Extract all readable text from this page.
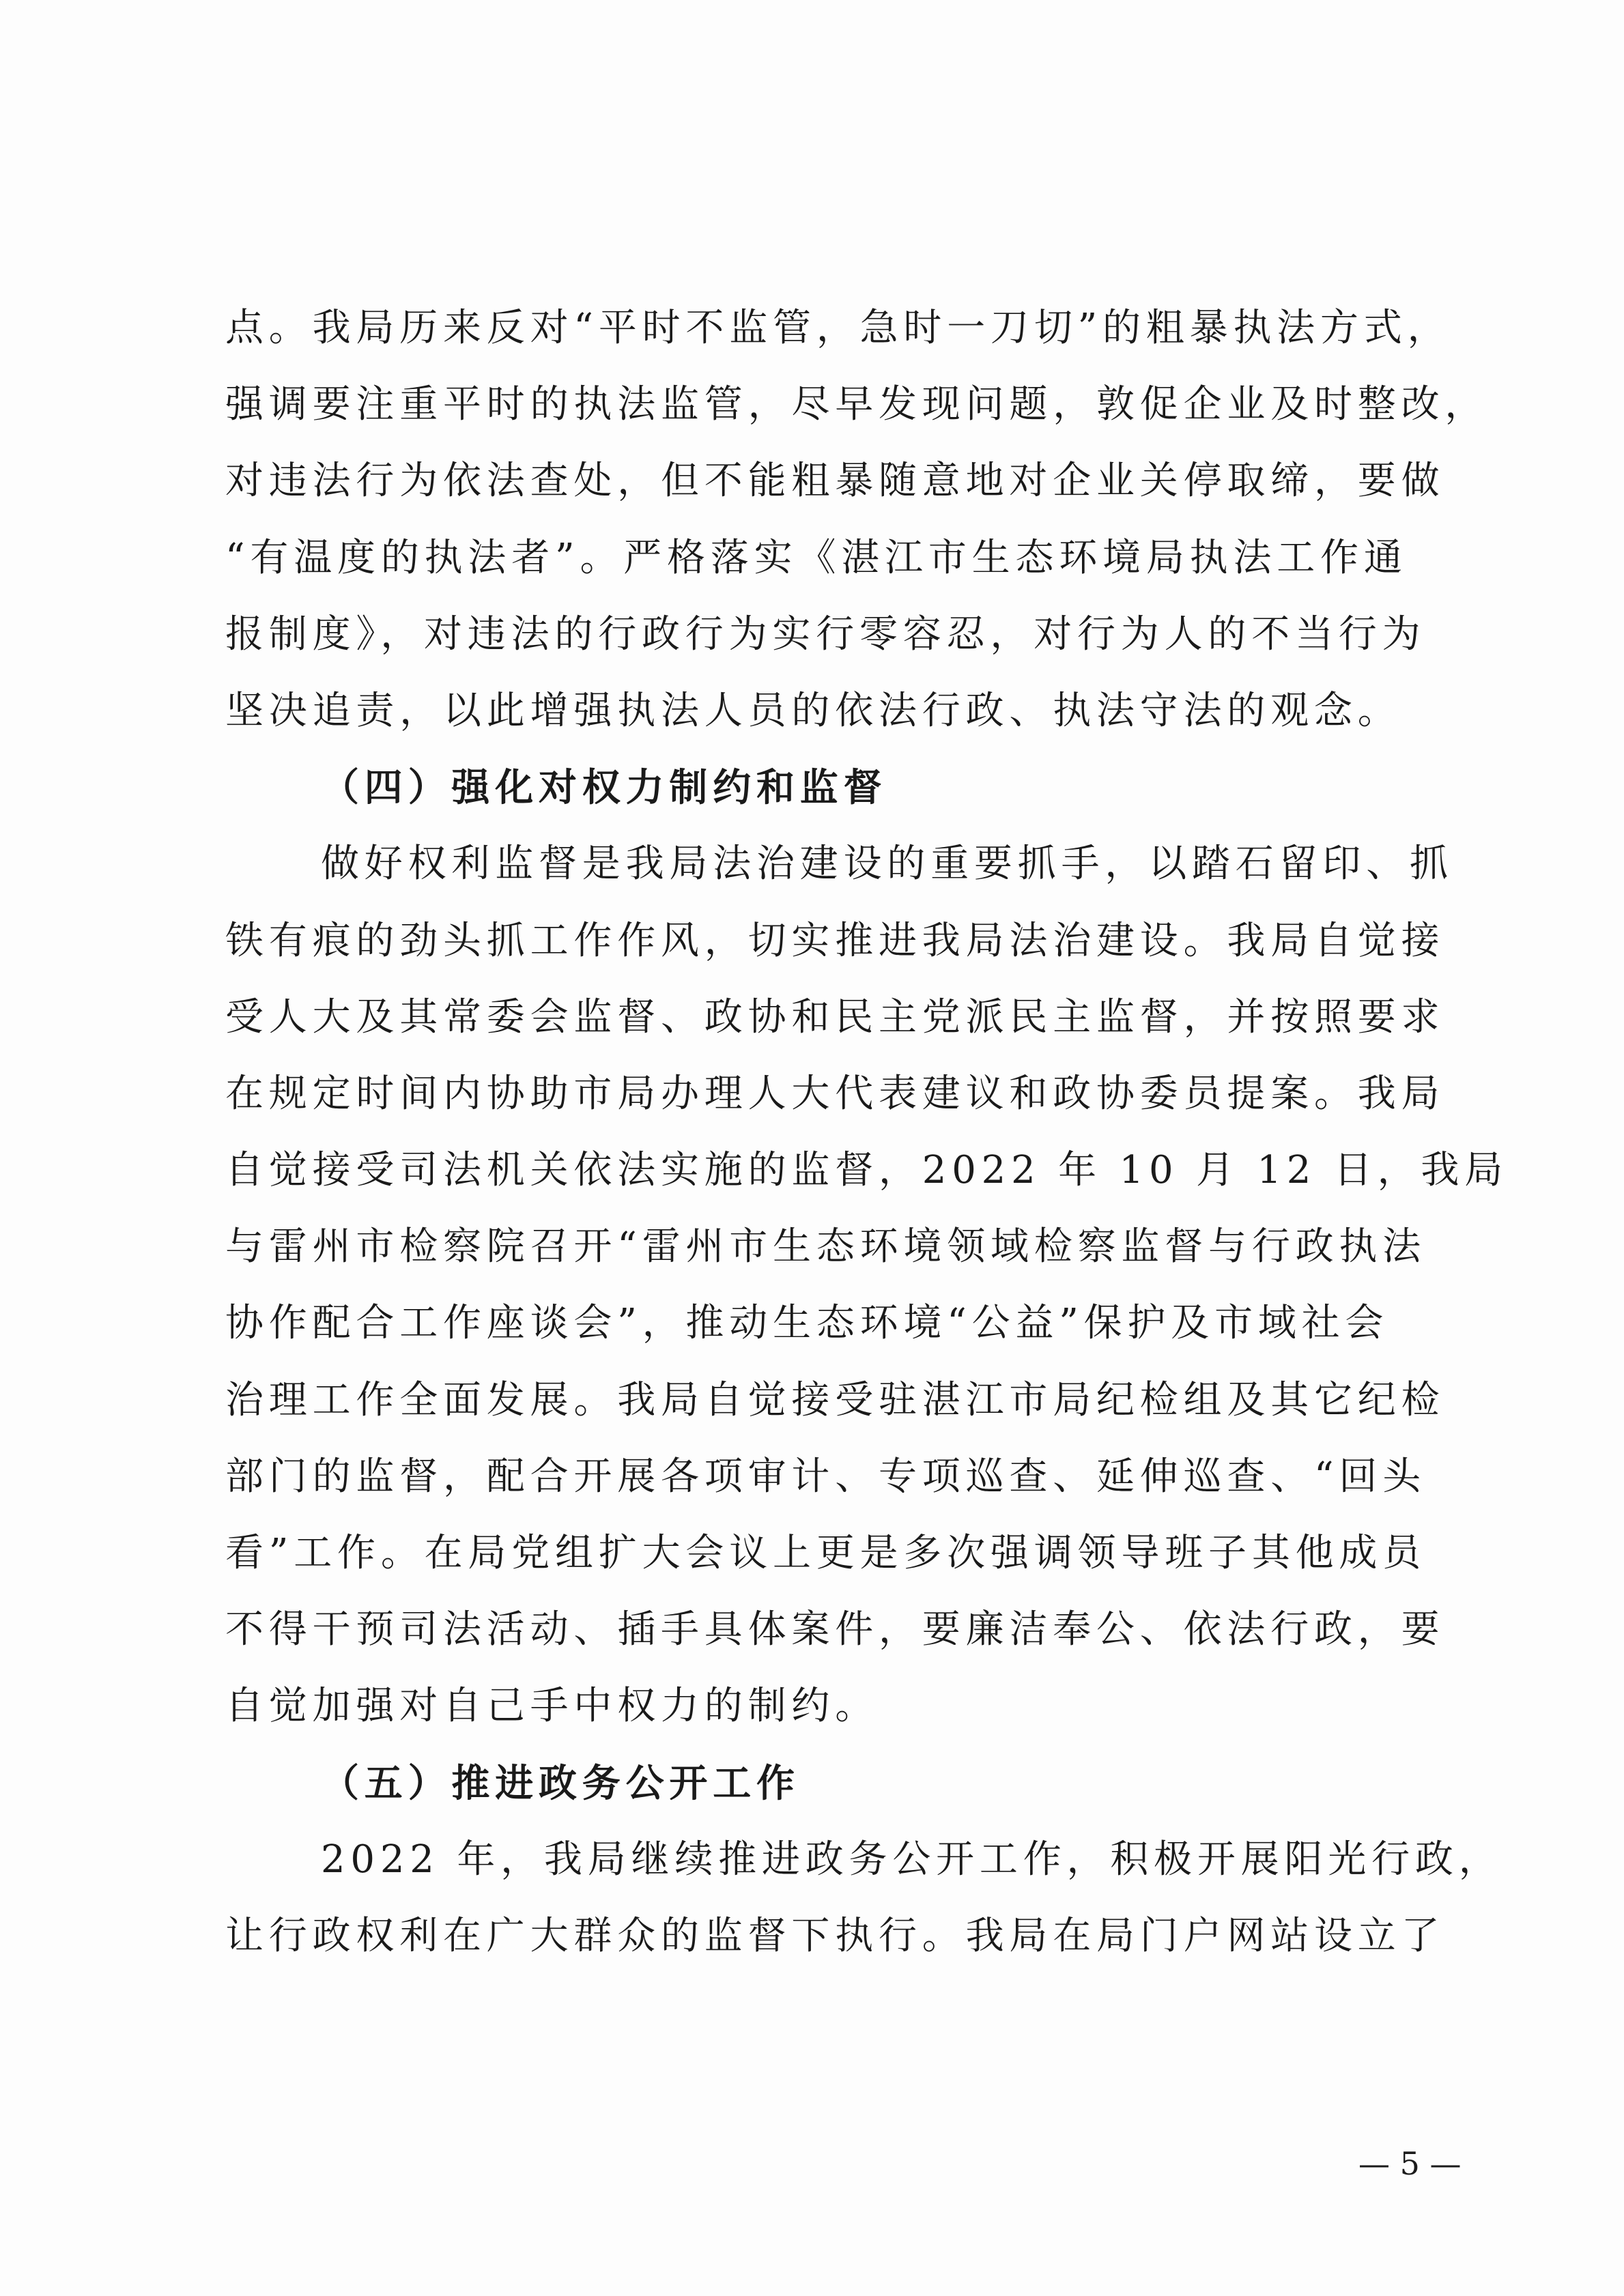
点。我局历来反对“平时不监管，急时一刀切”的粗暴执法方式，
强调要注重平时的执法监管，尽早发现问题，敦促企业及时整改，
对违法行为依法查处，但不能粗暴随意地对企业关停取缔，要做
“有温度的执法者”。严格落实《湛江市生态环境局执法工作通
报制度》，对违法的行政行为实行零容忍，对行为人的不当行为
坚决追责，以此增强执法人员的依法行政、执法守法的观念。
（四）强化对权力制约和监督
做好权利监督是我局法治建设的重要抓手，以踏石留印、抓
铁有痕的劲头抓工作作风，切实推进我局法治建设。我局自觉接
受人大及其常委会监督、政协和民主党派民主监督，并按照要求
在规定时间内协助市局办理人大代表建议和政协委员提案。我局
自觉接受司法机关依法实施的监督，2022 年 10 月 12 日，我局
与雷州市检察院召开“雷州市生态环境领域检察监督与行政执法
协作配合工作座谈会”，推动生态环境“公益”保护及市域社会
治理工作全面发展。我局自觉接受驻湛江市局纪检组及其它纪检
部门的监督，配合开展各项审计、专项巡查、延伸巡查、“回头
看”工作。在局党组扩大会议上更是多次强调领导班子其他成员
不得干预司法活动、插手具体案件，要廉洁奉公、依法行政，要
自觉加强对自己手中权力的制约。
（五）推进政务公开工作
2022 年，我局继续推进政务公开工作，积极开展阳光行政，
让行政权利在广大群众的监督下执行。我局在局门户网站设立了
— 5 —
